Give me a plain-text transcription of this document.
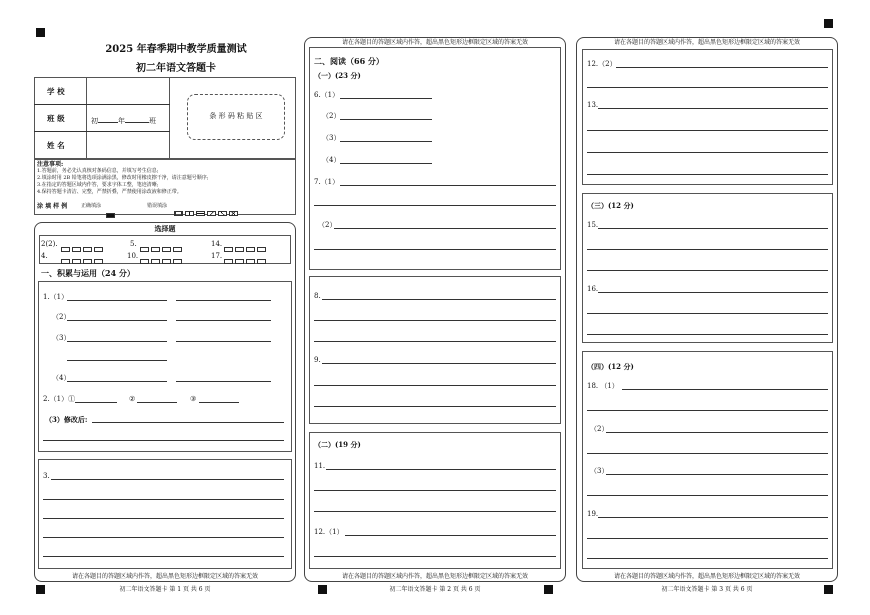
2025 年春季期中教学质量测试
初二年语文答题卡
学 校
班 级	初	年	班
姓 名
条 形 码 粘 贴 区
注意事项:
1.答题前，务必先认真核对条码信息，并填写考生信息;
2.填涂时用 2B 铅笔将选项涂满涂黑，修改时用橡皮擦干净，请注意题号顺序;
3.在指定的答题区域内作答，要求字体工整，笔迹清晰;
4.保持答题卡清洁、完整，严禁折叠，严禁使用涂改液和修正带。
涂 填 样 例	正确填涂	错误填涂
选择题
2(2).	5.	14.
4.	10.	17.
一、积累与运用（24 分）
1.（1）
（2）
（3）
（4）
2.（1）①	②	③
（3）修改后:
3.
请在各题目的答题区域内作答，超出黑色矩形边框限定区域的答案无效
初二年语文答题卡 第 1 页 共 6 页
请在各题目的答题区域内作答，超出黑色矩形边框限定区域的答案无效
二、阅读（66 分）
（一）(23 分)
6.（1）
（2）
（3）
（4）
7.（1）
（2）
8.
9.
（二）(19 分)
11.
12.（1）
请在各题目的答题区域内作答，超出黑色矩形边框限定区域的答案无效
初二年语文答题卡 第 2 页 共 6 页
请在各题目的答题区域内作答，超出黑色矩形边框限定区域的答案无效
12.（2）
13.
（三）(12 分)
15.
16.
（四）(12 分)
18. （1）
（2）
（3）
19.
请在各题目的答题区域内作答，超出黑色矩形边框限定区域的答案无效
初二年语文答题卡 第 3 页 共 6 页
